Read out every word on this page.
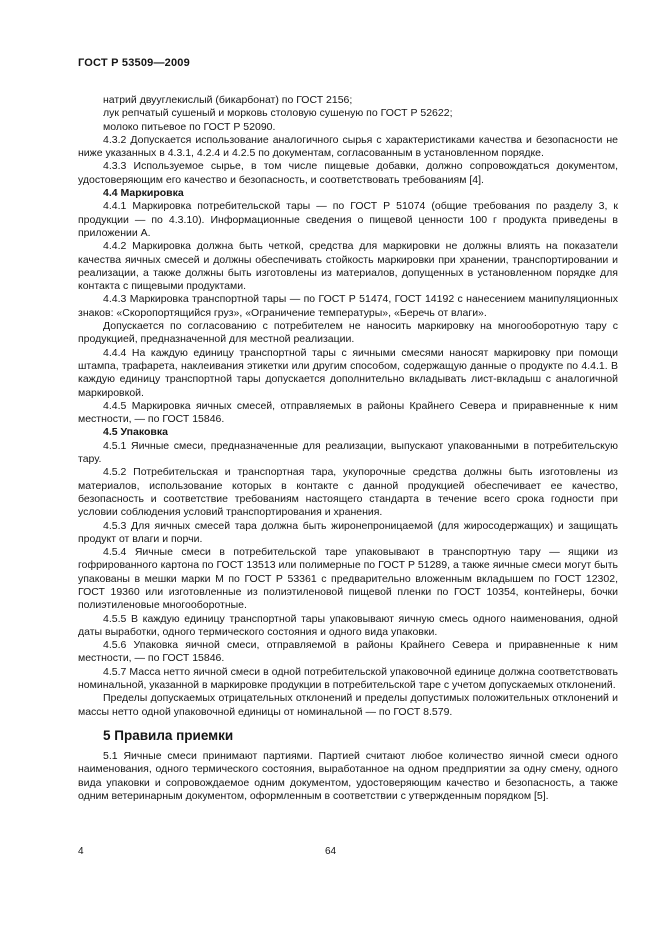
ГОСТ Р 53509—2009

натрий двууглекислый (бикарбонат) по ГОСТ 2156;

лук репчатый сушеный и морковь столовую сушеную по ГОСТ Р 52622;

молоко питьевое по ГОСТ Р 52090.

4.3.2 Допускается использование аналогичного сырья с характеристиками качества и безопасности не ниже указанных в 4.3.1, 4.2.4 и 4.2.5 по документам, согласованным в установленном порядке.

4.3.3 Используемое сырье, в том числе пищевые добавки, должно сопровождаться документом, удостоверяющим его качество и безопасность, и соответствовать требованиям [4].

4.4 Маркировка

4.4.1 Маркировка потребительской тары — по ГОСТ Р 51074 (общие требования по разделу 3, к продукции — по 4.3.10). Информационные сведения о пищевой ценности 100 г продукта приведены в приложении А.

4.4.2 Маркировка должна быть четкой, средства для маркировки не должны влиять на показатели качества яичных смесей и должны обеспечивать стойкость маркировки при хранении, транспортировании и реализации, а также должны быть изготовлены из материалов, допущенных в установленном порядке для контакта с пищевыми продуктами.

4.4.3 Маркировка транспортной тары — по ГОСТ Р 51474, ГОСТ 14192 с нанесением манипуляционных знаков: «Скоропортящийся груз», «Ограничение температуры», «Беречь от влаги».

Допускается по согласованию с потребителем не наносить маркировку на многооборотную тару с продукцией, предназначенной для местной реализации.

4.4.4 На каждую единицу транспортной тары с яичными смесями наносят маркировку при помощи штампа, трафарета, наклеивания этикетки или другим способом, содержащую данные о продукте по 4.4.1. В каждую единицу транспортной тары допускается дополнительно вкладывать лист-вкладыш с аналогичной маркировкой.

4.4.5 Маркировка яичных смесей, отправляемых в районы Крайнего Севера и приравненные к ним местности, — по ГОСТ 15846.

4.5 Упаковка

4.5.1 Яичные смеси, предназначенные для реализации, выпускают упакованными в потребительскую тару.

4.5.2 Потребительская и транспортная тара, укупорочные средства должны быть изготовлены из материалов, использование которых в контакте с данной продукцией обеспечивает ее качество, безопасность и соответствие требованиям настоящего стандарта в течение всего срока годности при условии соблюдения условий транспортирования и хранения.

4.5.3 Для яичных смесей тара должна быть жиронепроницаемой (для жиросодержащих) и защищать продукт от влаги и порчи.

4.5.4 Яичные смеси в потребительской таре упаковывают в транспортную тару — ящики из гофрированного картона по ГОСТ 13513 или полимерные по ГОСТ Р 51289, а также яичные смеси могут быть упакованы в мешки марки М по ГОСТ Р 53361 с предварительно вложенным вкладышем по ГОСТ 12302, ГОСТ 19360 или изготовленные из полиэтиленовой пищевой пленки по ГОСТ 10354, контейнеры, бочки полиэтиленовые многооборотные.

4.5.5 В каждую единицу транспортной тары упаковывают яичную смесь одного наименования, одной даты выработки, одного термического состояния и одного вида упаковки.

4.5.6 Упаковка яичной смеси, отправляемой в районы Крайнего Севера и приравненные к ним местности, — по ГОСТ 15846.

4.5.7 Масса нетто яичной смеси в одной потребительской упаковочной единице должна соответствовать номинальной, указанной в маркировке продукции в потребительской таре с учетом допускаемых отклонений.

Пределы допускаемых отрицательных отклонений и пределы допустимых положительных отклонений и массы нетто одной упаковочной единицы от номинальной — по ГОСТ 8.579.

5 Правила приемки

5.1 Яичные смеси принимают партиями. Партией считают любое количество яичной смеси одного наименования, одного термического состояния, выработанное на одном предприятии за одну смену, одного вида упаковки и сопровождаемое одним документом, удостоверяющим качество и безопасность, а также одним ветеринарным документом, оформленным в соответствии с утвержденным порядком [5].

4	64
